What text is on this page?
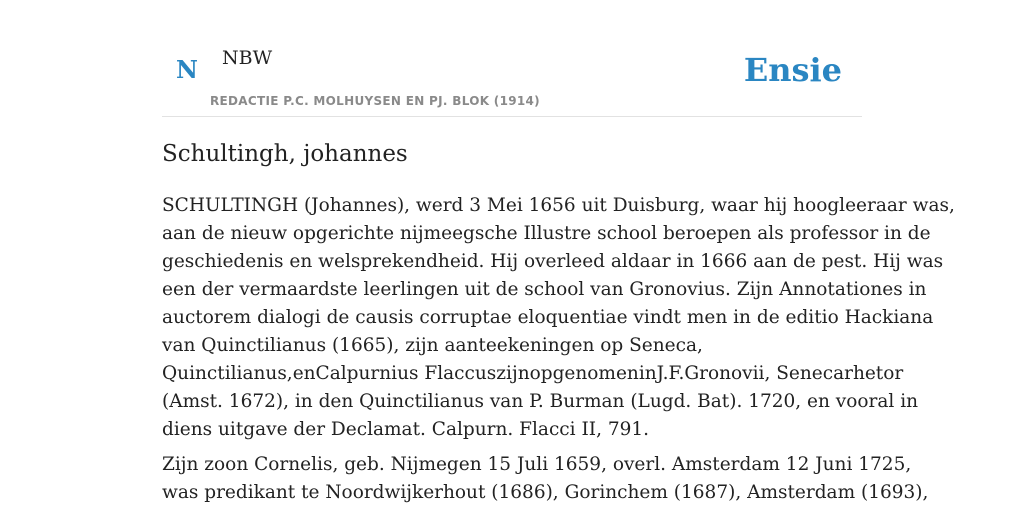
N NBW
REDACTIE P.C. MOLHUYSEN EN PJ. BLOK (1914)
Ensie
Schultingh, johannes

SCHULTINGH (Johannes), werd 3 Mei 1656 uit Duisburg, waar hij hoogleeraar was,
aan de nieuw opgerichte nijmeegsche Illustre school beroepen als professor in de
geschiedenis en welsprekendheid. Hij overleed aldaar in 1666 aan de pest. Hij was
een der vermaardste leerlingen uit de school van Gronovius. Zijn Annotationes in
auctorem dialogi de causis corruptae eloquentiae vindt men in de editio Hackiana
van Quinctilianus (1665), zijn aanteekeningen op Seneca,
Quinctilianus,enCalpurnius FlaccuszijnopgenomeninJ.F.Gronovii, Senecarhetor
(Amst. 1672), in den Quinctilianus van P. Burman (Lugd. Bat). 1720, en vooral in
diens uitgave der Declamat. Calpurn. Flacci II, 791.

Zijn zoon Cornelis, geb. Nijmegen 15 Juli 1659, overl. Amsterdam 12 Juni 1725,
was predikant te Noordwijkerhout (1686), Gorinchem (1687), Amsterdam (1693),
